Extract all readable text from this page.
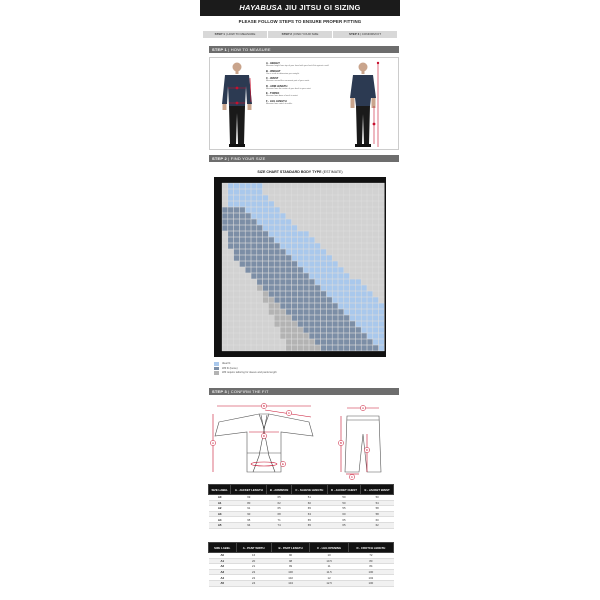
HAYABUSA JIU JITSU GI SIZING
PLEASE FOLLOW STEPS TO ENSURE PROPER FITTING
STEP 1 | HOW TO MEASURE	STEP 2 | FIND YOUR SIZE	STEP 3 | CONFIRM FIT
STEP 1 | HOW TO MEASURE
A - HEIGHT
Measure height from top of your head with your back flat against a wall.
B - WEIGHT
Use a scale to determine your weight.
C - WAIST
Measure around the narrowest part of your waist.
D - ARM LENGTH
Measure from the center of your back to your wrist.
E - TORSO
Measure from base of neck to waist.
F - LEG LENGTH
Measure from crotch to ankle.
STEP 2 | FIND YOUR SIZE
SIZE CHART STANDARD BODY TYPE (ESTIMATE)
Ideal fit
Will fit (loose)
Will require tailoring for sleeve and pants length
STEP 3 | CONFIRM THE FIT
B
C
A
D
E
A
B
D
C
SIZE LABEL	A - JACKET LENGTH	B - ARMSPAN	C - SLEEVE LENGTH	D - JACKET CHEST	E - JACKET WAIST
A0	69	65	51	50	50
A1	80	62	60	50	54
A2	91	65	65	55	58
A3	90	68	63	60	58
A4	95	71	65	65	60
A5	94	74	65	65	62
SIZE LABEL	A - PANT WIDTH	B - PANT LENGTH	C - LEG OPENING	D - CROTCH LENGTH
A0	16	90	10	72
A1	20	98	10.5	80
A2	21	99	11	84
A3	22	100	11.5	100
A4	22	102	12	102
A5	24	104	12.5	100
